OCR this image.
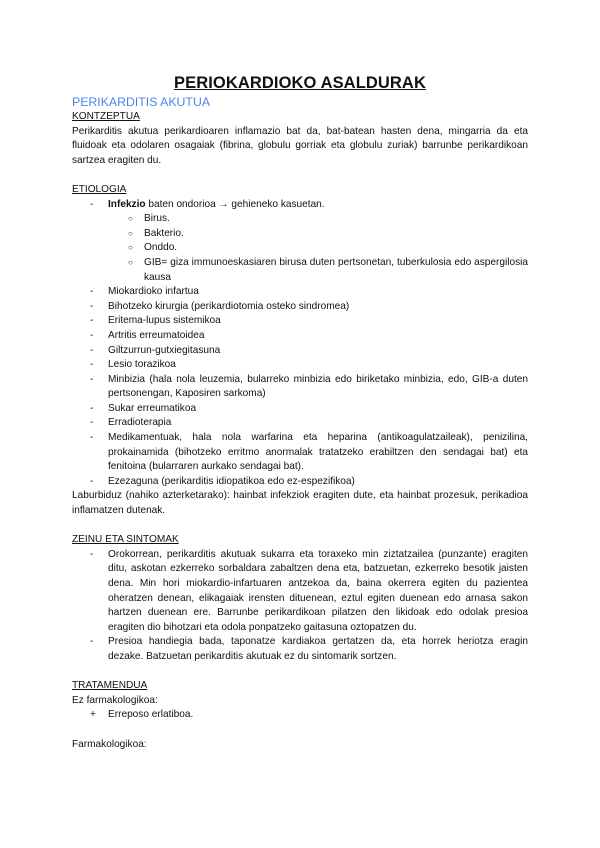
PERIOKARDIOKO ASALDURAK
PERIKARDITIS AKUTUA
KONTZEPTUA

Perikarditis akutua perikardioaren inflamazio bat da, bat-batean hasten dena, mingarria da eta fluidoak eta odolaren osagaiak (fibrina, globulu gorriak eta globulu zuriak) barrunbe perikardikoan sartzea eragiten du.

ETIOLOGIA
- Infekzio baten ondorioa → gehieneko kasuetan.
○ Birus.
○ Bakterio.
○ Onddo.
○ GIB= giza immunoeskasiaren birusa duten pertsonetan, tuberkulosia edo aspergilosia kausa
- Miokardioko infartua
- Bihotzeko kirurgia (perikardiotomia osteko sindromea)
- Eritema-lupus sistemikoa
- Artritis erreumatoidea
- Giltzurrun-gutxiegitasuna
- Lesio torazikoa
- Minbizia (hala nola leuzemia, bularreko minbizia edo biriketako minbizia, edo, GIB-a duten pertsonengan, Kaposiren sarkoma)
- Sukar erreumatikoa
- Erradioterapia
- Medikamentuak, hala nola warfarina eta heparina (antikoagulatzaileak), penizilina, prokainamida (bihotzeko erritmo anormalak tratatzeko erabiltzen den sendagai bat) eta fenitoina (bularraren aurkako sendagai bat).
- Ezezaguna (perikarditis idiopatikoa edo ez-espezifikoa)

Laburbiduz (nahiko azterketarako): hainbat infekziok eragiten dute, eta hainbat prozesuk, perikadioa inflamatzen dutenak.

ZEINU ETA SINTOMAK
- Orokorrean, perikarditis akutuak sukarra eta toraxeko min ziztatzailea (punzante) eragiten ditu, askotan ezkerreko sorbaldara zabaltzen dena eta, batzuetan, ezkerreko besotik jaisten dena. Min hori miokardio-infartuaren antzekoa da, baina okerrera egiten du pazientea oheratzen denean, elikagaiak irensten dituenean, eztul egiten duenean edo arnasa sakon hartzen duenean ere. Barrunbe perikardikoan pilatzen den likidoak edo odolak presioa eragiten dio bihotzari eta odola ponpatzeko gaitasuna oztopatzen du.
- Presioa handiegia bada, taponatze kardiakoa gertatzen da, eta horrek heriotza eragin dezake. Batzuetan perikarditis akutuak ez du sintomarik sortzen.
TRATAMENDUA
Ez farmakologikoa:
+ Erreposo erlatiboa.
Farmakologikoa:
